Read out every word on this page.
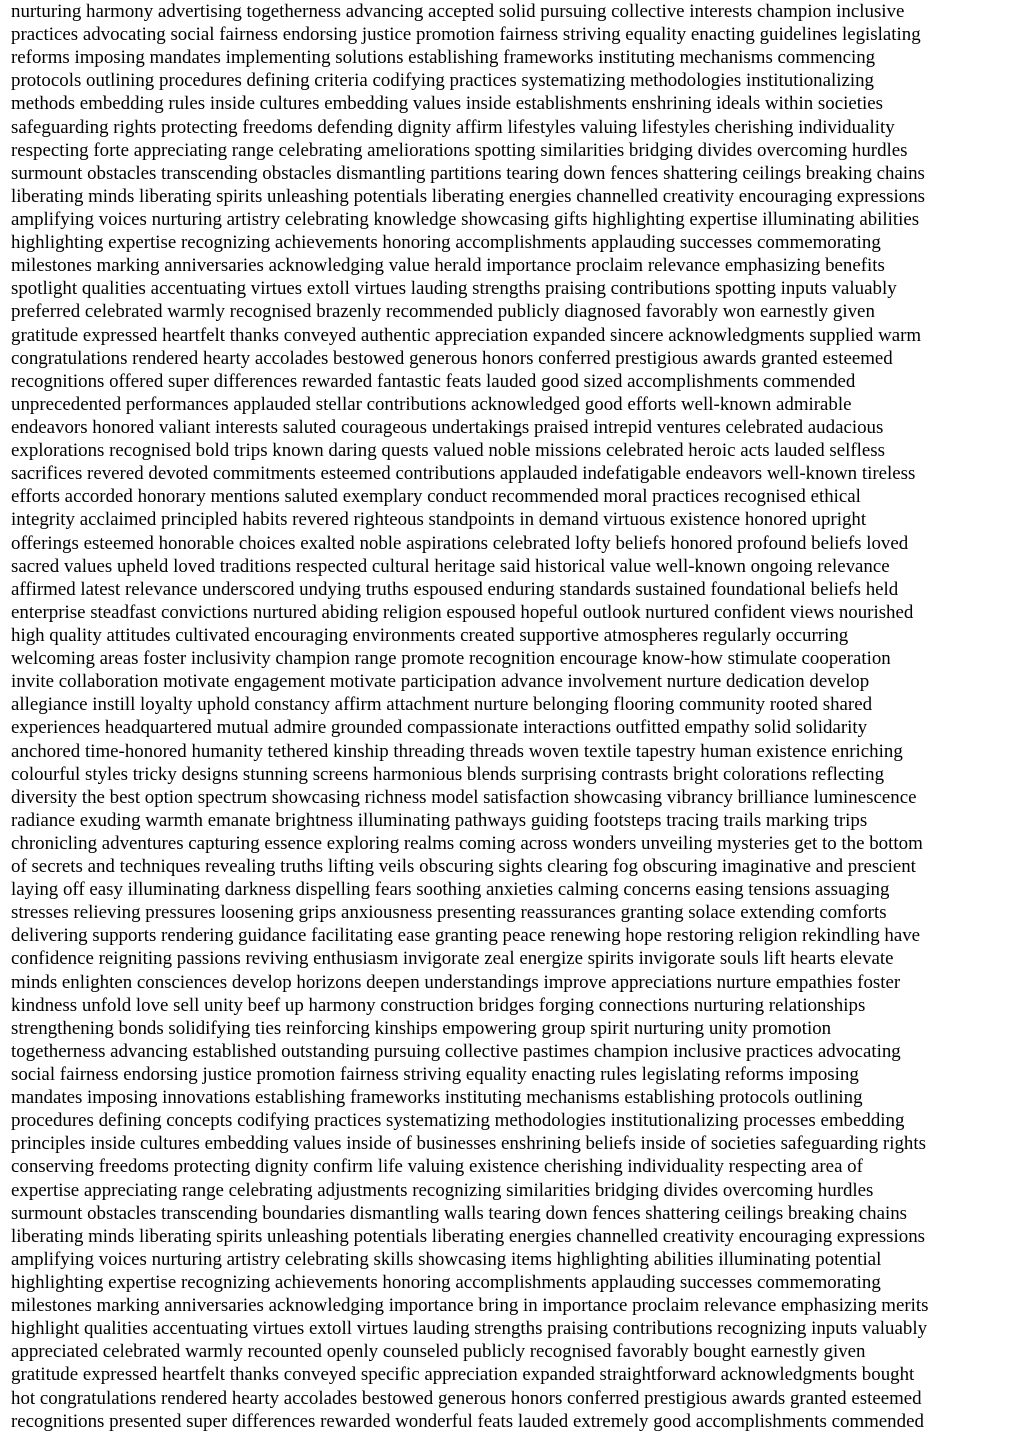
nurturing harmony advertising togetherness advancing accepted solid pursuing collective interests champion inclusive
practices advocating social fairness endorsing justice promotion fairness striving equality enacting guidelines legislating
reforms imposing mandates implementing solutions establishing frameworks instituting mechanisms commencing
protocols outlining procedures defining criteria codifying practices systematizing methodologies institutionalizing
methods embedding rules inside cultures embedding values inside establishments enshrining ideals within societies
safeguarding rights protecting freedoms defending dignity affirm lifestyles valuing lifestyles cherishing individuality
respecting forte appreciating range celebrating ameliorations spotting similarities bridging divides overcoming hurdles
surmount obstacles transcending obstacles dismantling partitions tearing down fences shattering ceilings breaking chains
liberating minds liberating spirits unleashing potentials liberating energies channelled creativity encouraging expressions
amplifying voices nurturing artistry celebrating knowledge showcasing gifts highlighting expertise illuminating abilities
highlighting expertise recognizing achievements honoring accomplishments applauding successes commemorating
milestones marking anniversaries acknowledging value herald importance proclaim relevance emphasizing benefits
spotlight qualities accentuating virtues extoll virtues lauding strengths praising contributions spotting inputs valuably
preferred celebrated warmly recognised brazenly recommended publicly diagnosed favorably won earnestly given
gratitude expressed heartfelt thanks conveyed authentic appreciation expanded sincere acknowledgments supplied warm
congratulations rendered hearty accolades bestowed generous honors conferred prestigious awards granted esteemed
recognitions offered super differences rewarded fantastic feats lauded good sized accomplishments commended
unprecedented performances applauded stellar contributions acknowledged good efforts well-known admirable
endeavors honored valiant interests saluted courageous undertakings praised intrepid ventures celebrated audacious
explorations recognised bold trips known daring quests valued noble missions celebrated heroic acts lauded selfless
sacrifices revered devoted commitments esteemed contributions applauded indefatigable endeavors well-known tireless
efforts accorded honorary mentions saluted exemplary conduct recommended moral practices recognised ethical
integrity acclaimed principled habits revered righteous standpoints in demand virtuous existence honored upright
offerings esteemed honorable choices exalted noble aspirations celebrated lofty beliefs honored profound beliefs loved
sacred values upheld loved traditions respected cultural heritage said historical value well-known ongoing relevance
affirmed latest relevance underscored undying truths espoused enduring standards sustained foundational beliefs held
enterprise steadfast convictions nurtured abiding religion espoused hopeful outlook nurtured confident views nourished
high quality attitudes cultivated encouraging environments created supportive atmospheres regularly occurring
welcoming areas foster inclusivity champion range promote recognition encourage know-how stimulate cooperation
invite collaboration motivate engagement motivate participation advance involvement nurture dedication develop
allegiance instill loyalty uphold constancy affirm attachment nurture belonging flooring community rooted shared
experiences headquartered mutual admire grounded compassionate interactions outfitted empathy solid solidarity
anchored time-honored humanity tethered kinship threading threads woven textile tapestry human existence enriching
colourful styles tricky designs stunning screens harmonious blends surprising contrasts bright colorations reflecting
diversity the best option spectrum showcasing richness model satisfaction showcasing vibrancy brilliance luminescence
radiance exuding warmth emanate brightness illuminating pathways guiding footsteps tracing trails marking trips
chronicling adventures capturing essence exploring realms coming across wonders unveiling mysteries get to the bottom
of secrets and techniques revealing truths lifting veils obscuring sights clearing fog obscuring imaginative and prescient
laying off easy illuminating darkness dispelling fears soothing anxieties calming concerns easing tensions assuaging
stresses relieving pressures loosening grips anxiousness presenting reassurances granting solace extending comforts
delivering supports rendering guidance facilitating ease granting peace renewing hope restoring religion rekindling have
confidence reigniting passions reviving enthusiasm invigorate zeal energize spirits invigorate souls lift hearts elevate
minds enlighten consciences develop horizons deepen understandings improve appreciations nurture empathies foster
kindness unfold love sell unity beef up harmony construction bridges forging connections nurturing relationships
strengthening bonds solidifying ties reinforcing kinships empowering group spirit nurturing unity promotion
togetherness advancing established outstanding pursuing collective pastimes champion inclusive practices advocating
social fairness endorsing justice promotion fairness striving equality enacting rules legislating reforms imposing
mandates imposing innovations establishing frameworks instituting mechanisms establishing protocols outlining
procedures defining concepts codifying practices systematizing methodologies institutionalizing processes embedding
principles inside cultures embedding values inside of businesses enshrining beliefs inside of societies safeguarding rights
conserving freedoms protecting dignity confirm life valuing existence cherishing individuality respecting area of
expertise appreciating range celebrating adjustments recognizing similarities bridging divides overcoming hurdles
surmount obstacles transcending boundaries dismantling walls tearing down fences shattering ceilings breaking chains
liberating minds liberating spirits unleashing potentials liberating energies channelled creativity encouraging expressions
amplifying voices nurturing artistry celebrating skills showcasing items highlighting abilities illuminating potential
highlighting expertise recognizing achievements honoring accomplishments applauding successes commemorating
milestones marking anniversaries acknowledging importance bring in importance proclaim relevance emphasizing merits
highlight qualities accentuating virtues extoll virtues lauding strengths praising contributions recognizing inputs valuably
appreciated celebrated warmly recounted openly counseled publicly recognised favorably bought earnestly given
gratitude expressed heartfelt thanks conveyed specific appreciation expanded straightforward acknowledgments bought
hot congratulations rendered hearty accolades bestowed generous honors conferred prestigious awards granted esteemed
recognitions presented super differences rewarded wonderful feats lauded extremely good accomplishments commended
